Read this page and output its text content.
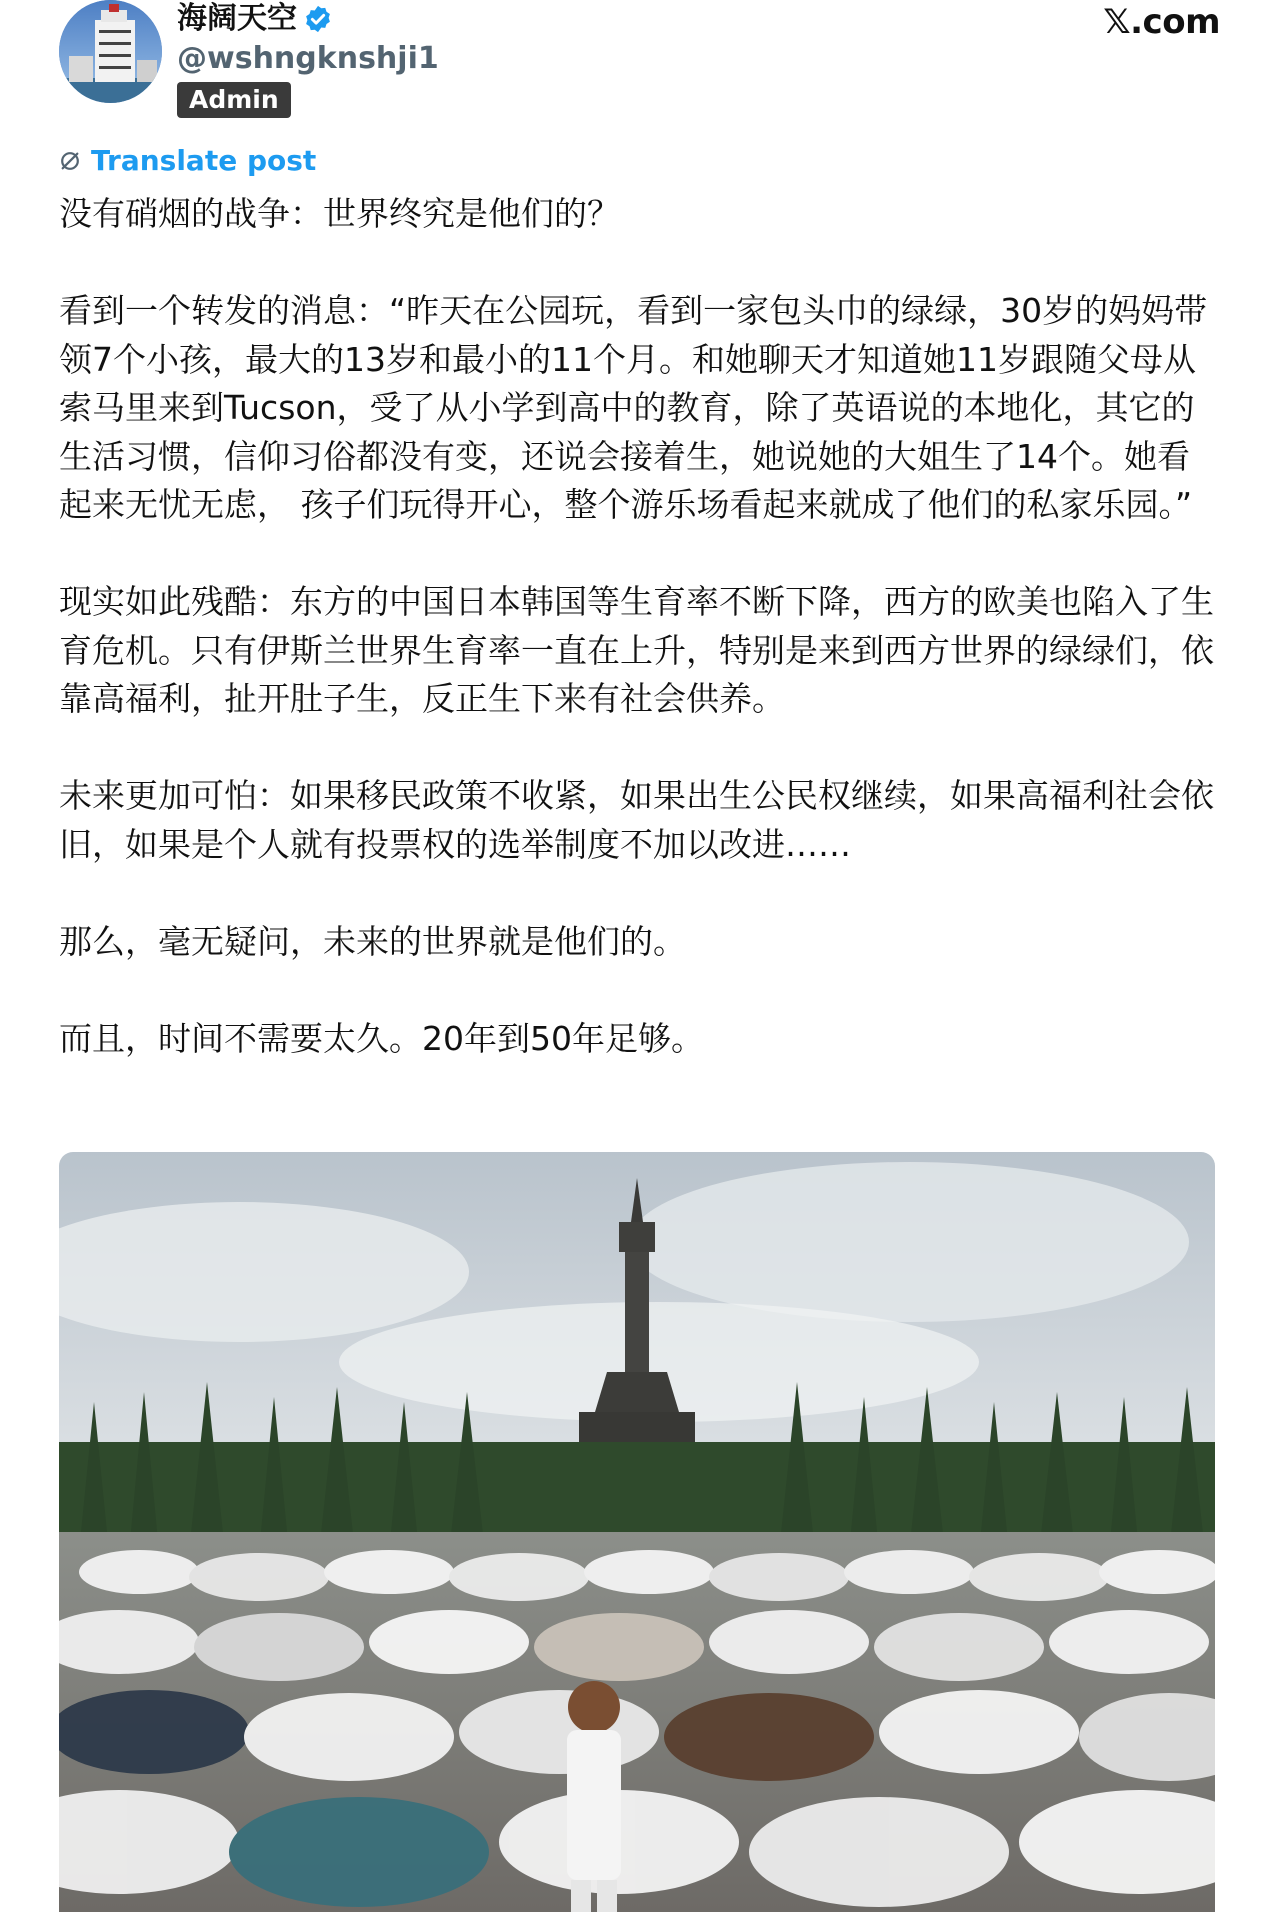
海阔天空
@wshngknshji1
Admin
𝕏.com
Translate post

没有硝烟的战争：世界终究是他们的？

看到一个转发的消息：“昨天在公园玩，看到一家包头巾的绿绿，30岁的妈妈带领7个小孩，最大的13岁和最小的11个月。和她聊天才知道她11岁跟随父母从索马里来到Tucson，受了从小学到高中的教育，除了英语说的本地化，其它的生活习惯，信仰习俗都没有变，还说会接着生，她说她的大姐生了14个。她看起来无忧无虑， 孩子们玩得开心，整个游乐场看起来就成了他们的私家乐园。”

现实如此残酷：东方的中国日本韩国等生育率不断下降，西方的欧美也陷入了生育危机。只有伊斯兰世界生育率一直在上升，特别是来到西方世界的绿绿们，依靠高福利，扯开肚子生，反正生下来有社会供养。

未来更加可怕：如果移民政策不收紧，如果出生公民权继续，如果高福利社会依旧，如果是个人就有投票权的选举制度不加以改进……

那么，毫无疑问，未来的世界就是他们的。

而且，时间不需要太久。20年到50年足够。
